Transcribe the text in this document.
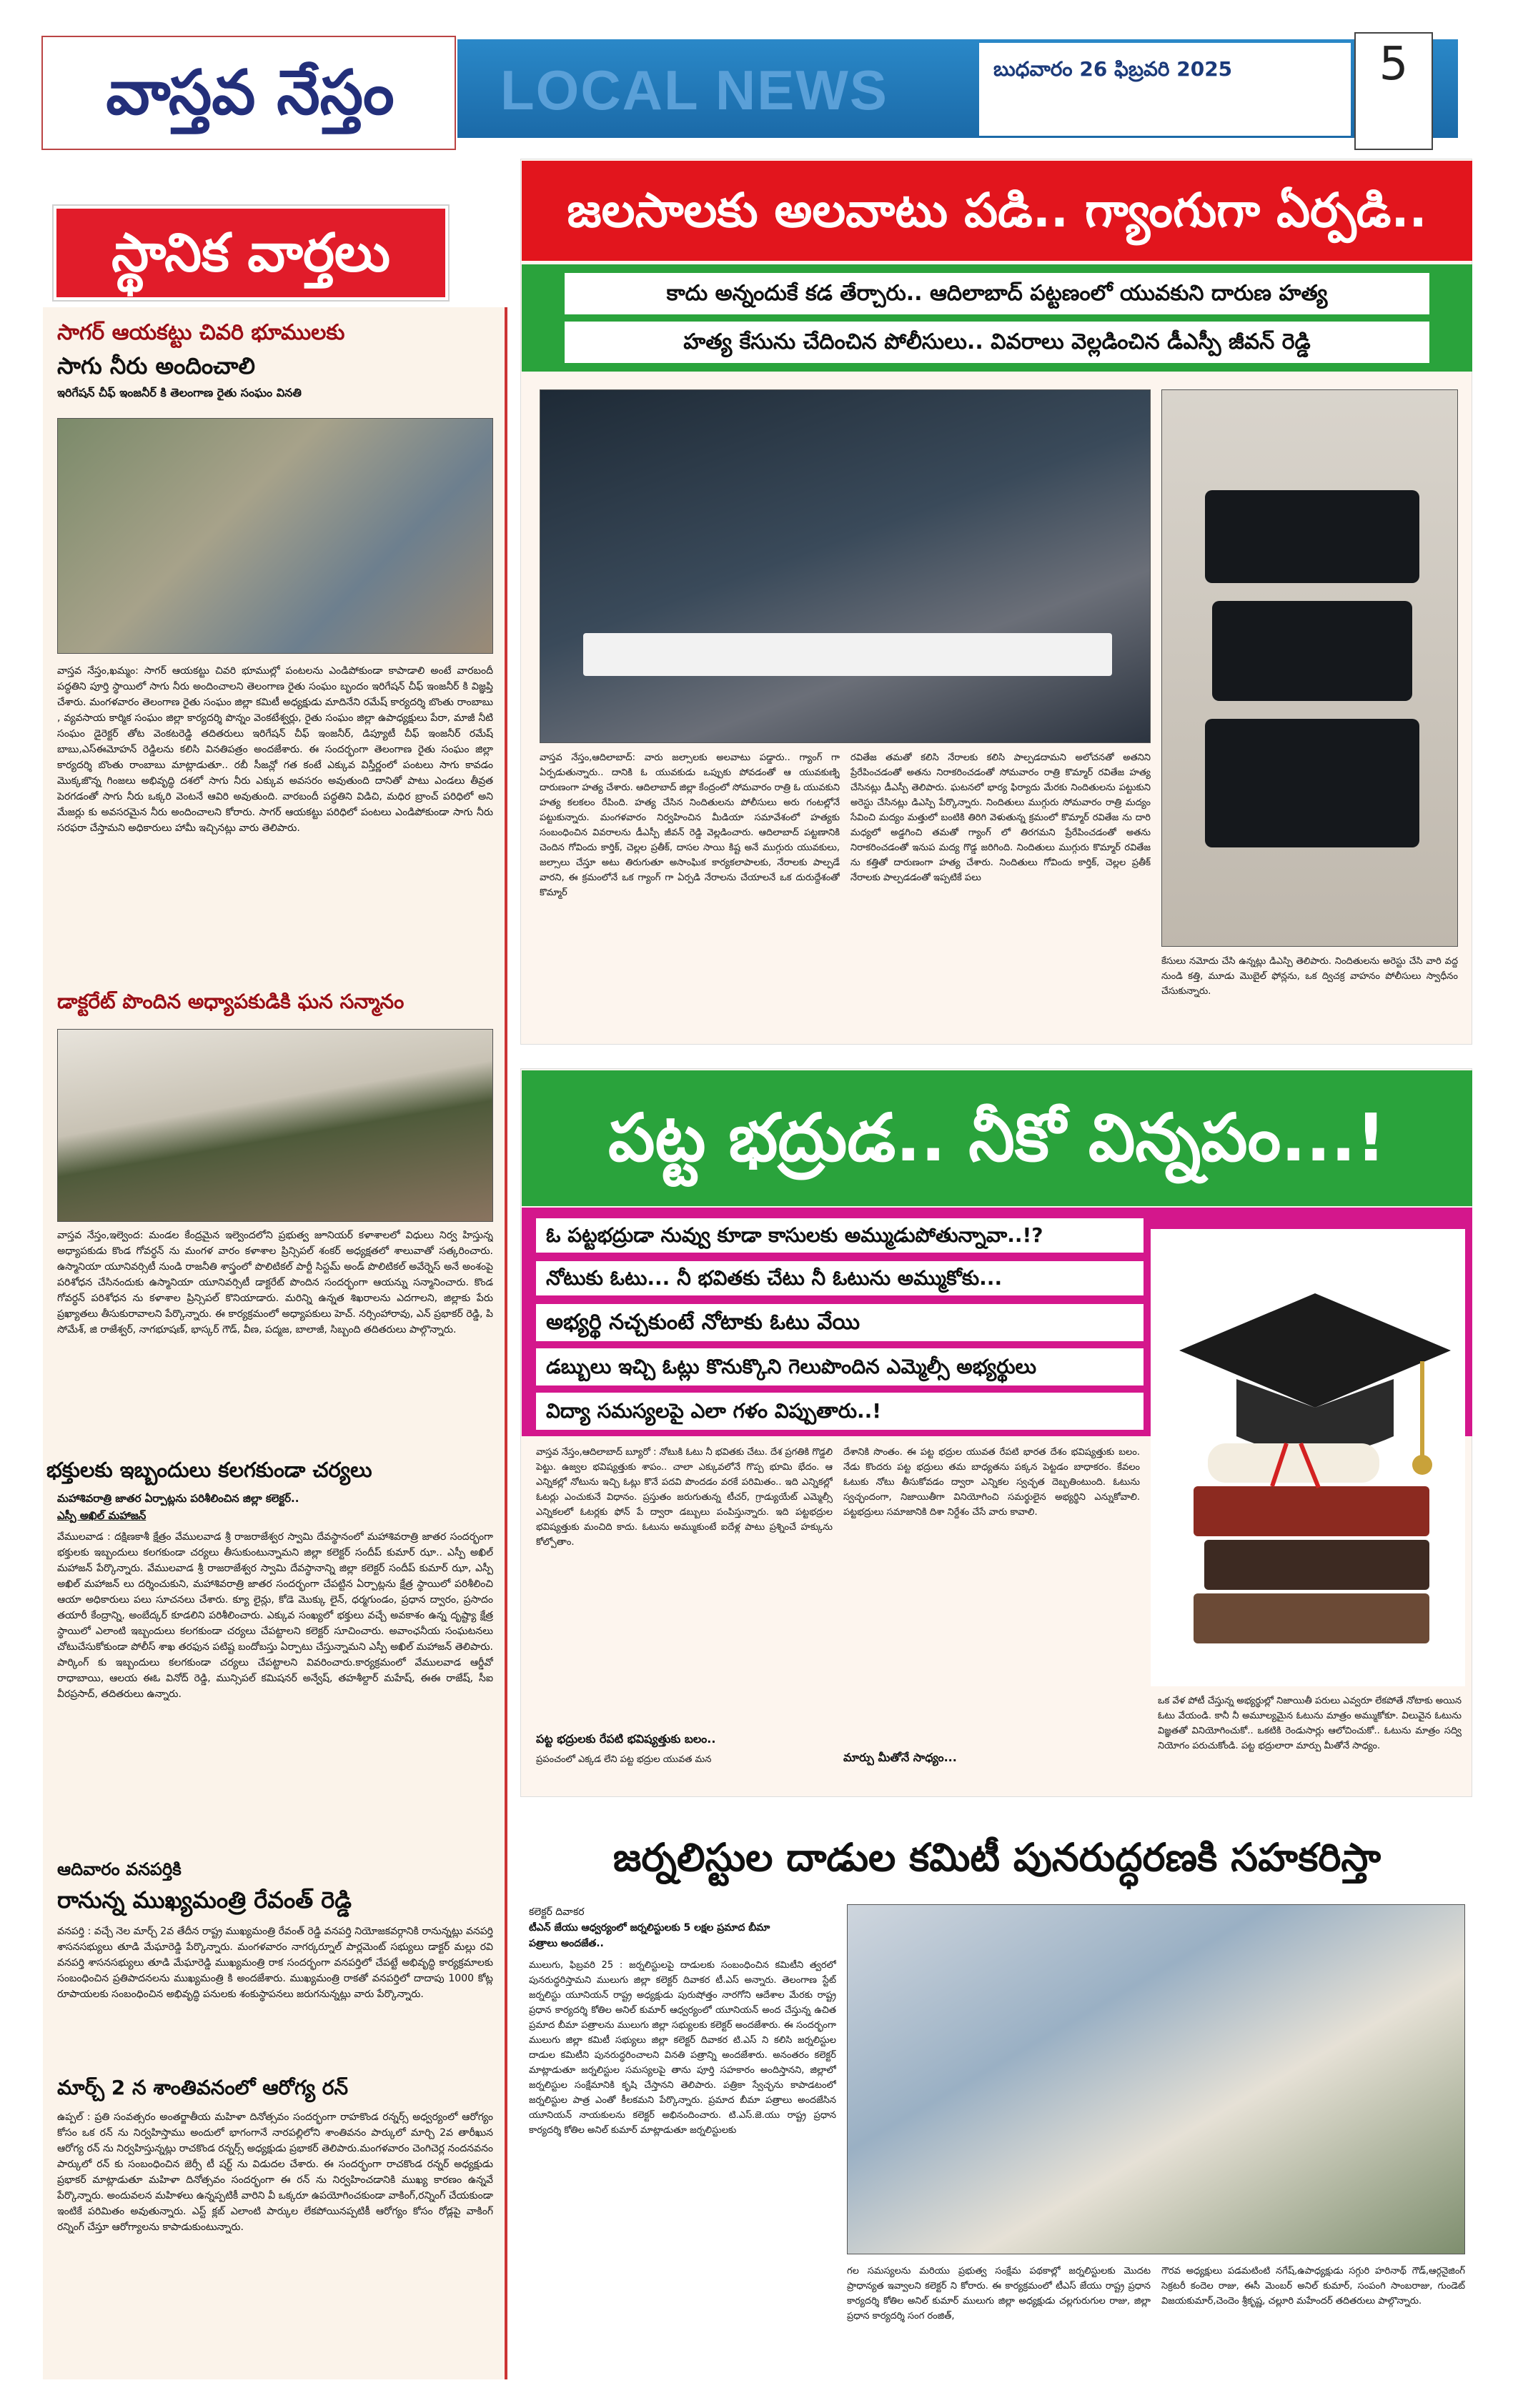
వాస్తవ నేస్తం
స్థానిక వార్తలు
LOCAL NEWS	బుధవారం 26 ఫిబ్రవరి 2025	5
సాగర్ ఆయకట్టు చివరి భూములకు
సాగు నీరు అందించాలి
ఇరిగేషన్ చీఫ్ ఇంజనీర్ కి తెలంగాణ రైతు సంఘం వినతి
వాస్తవ నేస్తం,ఖమ్మం: సాగర్ ఆయకట్టు చివరి భూముల్లో పంటలను ఎండిపోకుండా కాపాడాలి అంటే వారబందీ పద్ధతిని పూర్తి స్థాయిలో సాగు నీరు అందించాలని తెలంగాణ రైతు సంఘం బృందం ఇరిగేషన్ చీఫ్ ఇంజనీర్ కి విజ్ఞప్తి చేశారు. మంగళవారం తెలంగాణ రైతు సంఘం జిల్లా కమిటీ అధ్యక్షుడు మాదినేని రమేష్ కార్యదర్శి బొంతు రాంబాబు , వ్యవసాయ కార్మిక సంఘం జిల్లా కార్యదర్శి పొన్నం వెంకటేశ్వర్లు, రైతు సంఘం జిల్లా ఉపాధ్యక్షులు పేరా, మాజీ నీటి సంఘం డైరెక్టర్ తోట వెంకటరెడ్డి తదితరులు ఇరిగేషన్ చీఫ్ ఇంజనీర్, డిప్యూటీ చీఫ్ ఇంజనీర్ రమేష్ బాబు,ఎస్ఈమోహన్ రెడ్డిలను కలిసి వినతిపత్రం అందజేశారు. ఈ సందర్భంగా తెలంగాణ రైతు సంఘం జిల్లా కార్యదర్శి బొంతు రాంబాబు మాట్లాడుతూ.. రబీ సీజన్లో గత కంటే ఎక్కువ విస్తీర్ణంలో పంటలు సాగు కావడం మొక్కజొన్న గింజలు అభివృద్ధి దశలో సాగు నీరు ఎక్కువ అవసరం అవుతుంది దానితో పాటు ఎండలు తీవ్రత పెరగడంతో సాగు నీరు ఒక్కరి వెంటనే ఆవిరి అవుతుంది. వారబందీ పద్ధతిని విడిచి, మధిర బ్రాంచ్ పరిధిలో అని మేజర్లు కు అవసరమైన నీరు అందించాలని కోరారు. సాగర్ ఆయకట్టు పరిధిలో పంటలు ఎండిపోకుండా సాగు నీరు సరఫరా చేస్తామని అధికారులు హామీ ఇచ్చినట్లు వారు తెలిపారు.
డాక్టరేట్ పొందిన అధ్యాపకుడికి ఘన సన్మానం
వాస్తవ నేస్తం,ఇల్వెంద: మండల కేంద్రమైన ఇల్వెందలోని ప్రభుత్వ జూనియర్ కళాశాలలో విధులు నిర్వ హిస్తున్న అధ్యాపకుడు కొండ గోవర్ధన్ ను మంగళ వారం కళాశాల ప్రిన్సిపల్ శంకర్ అధ్యక్షతలో శాలువాతో సత్కరించారు. ఉస్మానియా యూనివర్సిటీ నుండి రాజనీతి శాస్త్రంలో పొలిటికల్ పార్టీ సిస్టమ్ అండ్ పొలిటికల్ అవేర్నెస్ అనే అంశంపై పరిశోధన చేసినందుకు ఉస్మానియా యూనివర్సిటీ డాక్టరేట్ పొందిన సందర్భంగా ఆయన్ను సన్మానించారు. కొండ గోవర్ధన్ పరిశోధన ను కళాశాల ప్రిన్సిపల్ కొనియాడారు. మరిన్ని ఉన్నత శిఖరాలను ఎదగాలని, జిల్లాకు పేరు ప్రఖ్యాతలు తీసుకురావాలని పేర్కొన్నారు. ఈ కార్యక్రమంలో అధ్యాపకులు హెచ్. నర్సింహారావు, ఎన్ ప్రభాకర్ రెడ్డి, పి సోమేశ్, జి రాజేశ్వర్, నాగభూషణ్, భాస్కర్ గౌడ్, వీణ, పద్మజ, బాలాజీ, సిబ్బంది తదితరులు పాల్గొన్నారు.
భక్తులకు ఇబ్బందులు కలగకుండా చర్యలు
మహాశివరాత్రి జాతర ఏర్పాట్లను పరిశీలించిన జిల్లా కలెక్టర్..
ఎస్పీ అఖిల్ మహాజన్
వేములవాడ : దక్షిణకాశీ క్షేత్రం వేములవాడ శ్రీ రాజరాజేశ్వర స్వామి దేవస్థానంలో మహాశివరాత్రి జాతర సందర్భంగా భక్తులకు ఇబ్బందులు కలగకుండా చర్యలు తీసుకుంటున్నామని జిల్లా కలెక్టర్ సందీప్ కుమార్ ఝా.. ఎస్పీ అఖిల్ మహాజన్ పేర్కొన్నారు. వేములవాడ శ్రీ రాజరాజేశ్వర స్వామి దేవస్థానాన్ని జిల్లా కలెక్టర్ సందీప్ కుమార్ ఝా, ఎస్పీ అఖిల్ మహాజన్ లు దర్శించుకుని, మహాశివరాత్రి జాతర సందర్భంగా చేపట్టిన ఏర్పాట్లను క్షేత్ర స్థాయిలో పరిశీలించి ఆయా అధికారులు పలు సూచనలు చేశారు. క్యూ లైన్లు, కోడె మొక్కు లైన్, ధర్మగుండం, ప్రధాన ద్వారం, ప్రసాదం తయారీ కేంద్రాన్ని, అంబేద్కర్ కూడలిని పరిశీలించారు. ఎక్కువ సంఖ్యలో భక్తులు వచ్చే అవకాశం ఉన్న దృష్ట్యా క్షేత్ర స్థాయిలో ఎలాంటి ఇబ్బందులు కలగకుండా చర్యలు చేపట్టాలని కలెక్టర్ సూచించారు. అవాంఛనీయ సంఘటనలు చోటుచేసుకోకుండా పోలీస్ శాఖ తరఫున పటిష్ట బందోబస్తు ఏర్పాటు చేస్తున్నామని ఎస్పీ అఖిల్ మహాజన్ తెలిపారు. పార్కింగ్ కు ఇబ్బందులు కలగకుండా చర్యలు చేపట్టాలని వివరించారు.కార్యక్రమంలో వేములవాడ ఆర్డీవో రాధాబాయి, ఆలయ ఈఓ వినోద్ రెడ్డి, మున్సిపల్ కమిషనర్ అన్వేష్, తహశీల్దార్ మహేష్, ఈఈ రాజేష్, సీఐ వీరప్రసాద్, తదితరులు ఉన్నారు.
ఆదివారం వనపర్తికి
రానున్న ముఖ్యమంత్రి రేవంత్ రెడ్డి
వనపర్తి : వచ్చే నెల మార్చ్ 2వ తేదీన రాష్ట్ర ముఖ్యమంత్రి రేవంత్ రెడ్డి వనపర్తి నియోజకవర్గానికి రానున్నట్లు వనపర్తి శాసనసభ్యులు తూడి మేఘారెడ్డి పేర్కొన్నారు. మంగళవారం నాగర్కర్నూల్ పార్లమెంట్ సభ్యులు డాక్టర్ మల్లు రవి వనపర్తి శాసనసభ్యులు తూడి మేఘారెడ్డి ముఖ్యమంత్రి రాక సందర్భంగా వనపర్తిలో చేపట్టే అభివృద్ధి కార్యక్రమాలకు సంబంధించిన ప్రతిపాదనలను ముఖ్యమంత్రి కి అందజేశారు. ముఖ్యమంత్రి రాకతో వనపర్తిలో దాదాపు 1000 కోట్ల రూపాయలకు సంబంధించిన అభివృద్ధి పనులకు శంకుస్థాపనలు జరుగనున్నట్లు వారు పేర్కొన్నారు.
మార్చ్ 2 న శాంతివనంలో ఆరోగ్య రన్
ఉప్పల్ : ప్రతి సంవత్సరం అంతర్జాతీయ మహిళా దినోత్సవం సందర్భంగా రాహకొండ రన్నర్స్ అధ్వర్యంలో ఆరోగ్యం కోసం ఒక రన్ ను నిర్వహిస్తాము అందులో భాగంగానే నారపల్లిలోని శాంతివనం పార్కులో మార్చి 2వ తారీఖున ఆరోగ్య రన్ ను నిర్వహిస్తున్నట్లు రాచకొండ రన్నర్స్ అధ్యక్షుడు ప్రభాకర్ తెలిపారు.మంగళవారం చెంగిచెర్ల నందనవనం పార్కులో రన్ కు సంబంధించిన జెర్సీ టీ షర్ట్ ను విడుదల చేశారు. ఈ సందర్భంగా రాచకొండ రన్నర్ అధ్యక్షుడు ప్రభాకర్ మాట్లాడుతూ మహిళా దినోత్సవం సందర్భంగా ఈ రన్ ను నిర్వహించడానికి ముఖ్య కారణం ఉన్నవే పేర్కొన్నారు. అందువలన మహిళలు ఉన్నప్పటికీ వారిని వీ ఒక్కరూ ఉపయోగించకుండా వాకింగ్,రన్నింగ్ చేయకుండా ఇంటికే పరిమితం అవుతున్నారు. ఎస్ట్ క్లబ్ ఎలాంటి పార్కుల లేకపోయినప్పటికీ ఆరోగ్యం కోసం రోడ్లపై వాకింగ్ రన్నింగ్ చేస్తూ ఆరోగ్యాలను కాపాడుకుంటున్నారు.
జలసాలకు అలవాటు పడి.. గ్యాంగుగా ఏర్పడి..
కాదు అన్నందుకే కడ తేర్చారు.. ఆదిలాబాద్ పట్టణంలో యువకుని దారుణ హత్య
హత్య కేసును చేదించిన పోలీసులు.. వివరాలు వెల్లడించిన డీఎస్పీ జీవన్ రెడ్డి
వాస్తవ నేస్తం,ఆదిలాబాద్: వారు జల్సాలకు అలవాటు పడ్డారు.. గ్యాంగ్ గా ఏర్పడుతున్నారు.. దానికి ఓ యువకుడు ఒప్పుకు పోవడంతో ఆ యువకుణ్ని దారుణంగా హత్య చేశారు. ఆదిలాబాద్ జిల్లా కేంద్రంలో సోమవారం రాత్రి ఓ యువకుని హత్య కలకలం రేపింది. హత్య చేసిన నిందితులను పోలీసులు అరు గంటల్లోనే పట్టుకున్నారు. మంగళవారం నిర్వహించిన మీడియా సమావేశంలో హత్యకు సంబంధించిన వివరాలను డీఎస్పీ జీవన్ రెడ్డి వెల్లడించారు. ఆదిలాబాద్ పట్టణానికి చెందిన గోవిందు కార్తిక్, చెల్లల ప్రతీక్, దాసల సాయి కిష్ట అనే ముగ్గురు యువకులు, జల్సాలు చేస్తూ అటు తిరుగుతూ అసాంఘిక కార్యకలాపాలకు, నేరాలకు పాల్పడే వారని, ఈ క్రమంలోనే ఒక గ్యాంగ్ గా ఏర్పడి నేరాలను చేయాలనే ఒక దురుద్దేశంతో కొమ్మార్
రవితేజ తమతో కలిసి నేరాలకు కలిసి పాల్పడదామని అలోచనతో అతనిని ప్రేరేపించడంతో అతను నిరాకరించడంతో సోమవారం రాత్రి కొమ్మార్ రవితేజ హత్య చేసినట్లు డీఎస్పీ తెలిపారు. ఘటనలో భార్య ఫిర్యాదు మేరకు నిందితులను పట్టుకుని అరెస్టు చేసినట్లు డిఎస్పి పేర్కొన్నారు. నిందితులు ముగ్గురు సోమవారం రాత్రి మద్యం సేవించి మద్యం మత్తులో బంటికి తిరిగి వెళుతున్న క్రమంలో కొమ్మార్ రవితేజ ను దారి మధ్యలో అడ్డగించి తమతో గ్యాంగ్ లో తిరగమని ప్రేరేపించడంతో అతను నిరాకరించడంతో ఇనుప మద్య గొడ్డ జరిగింది. నిందితులు ముగ్గురు కొమ్మార్ రవితేజ ను కత్తితో దారుణంగా హత్య చేశారు. నిందితులు గోవిందు కార్తిక్, చెల్లల ప్రతీక్ నేరాలకు పాల్పడడంతో ఇప్పటికే పలు
కేసులు నమోదు చేసి ఉన్నట్లు డిఎస్పి తెలిపారు. నిందితులను అరెస్టు చేసి వారి వద్ద నుండి కత్తి, మూడు మొబైల్ ఫోన్లను, ఒక ద్విచక్ర వాహనం పోలీసులు స్వాధీనం చేసుకున్నారు.
పట్ట భద్రుడ.. నీకో విన్నపం...!
ఓ పట్టభద్రుడా నువ్వు కూడా కాసులకు అమ్ముడుపోతున్నావా..!?
నోటుకు ఓటు... నీ భవితకు చేటు నీ ఓటును అమ్ముకోకు...
అభ్యర్థి నచ్చకుంటే నోటాకు ఓటు వేయి
డబ్బులు ఇచ్చి ఓట్లు కొనుక్కొని గెలుపొందిన ఎమ్మెల్సీ అభ్యర్థులు
విద్యా సమస్యలపై ఎలా గళం విప్పుతారు..!
వాస్తవ నేస్తం,ఆదిలాబాద్ బ్యూరో : నోటుకి ఓటు నీ భవితకు చేటు. దేశ ప్రగతికి గొడ్డలి పెట్టు. ఉజ్వల భవిష్యత్తుకు శాపం.. చాలా ఎక్కువలోనే గొప్ప భూమి భేదం. ఆ ఎన్నికల్లో నోటును ఇచ్చి ఓట్లు కొనే పదవి పొందడం వరకే పరిమితం.. ఇది ఎన్నికల్లో ఓటర్లు ఎంచుకునే విధానం. ప్రస్తుతం జరుగుతున్న టీచర్, గ్రాడ్యుయేట్ ఎమ్మెల్సీ ఎన్నికలలో ఓటర్లకు ఫోన్ పే ద్వారా డబ్బులు పంపిస్తున్నారు. ఇది పట్టభద్రుల భవిష్యత్తుకు మంచిది కాదు. ఓటును అమ్ముకుంటే ఐదేళ్ల పాటు ప్రశ్నించే హక్కును కోల్పోతాం.
పట్ట భద్రులకు రేపటి భవిష్యత్తుకు బలం..
ప్రపంచంలో ఎక్కడ లేని పట్ట భద్రుల యువత మన
దేశానికి సొంతం. ఈ పట్ట భద్రుల యువత రేపటి భారత దేశం భవిష్యత్తుకు బలం. నేడు కొందరు పట్ట భద్రులు తమ బాధ్యతను పక్కన పెట్టడం బాధాకరం. కేవలం ఓటుకు నోటు తీసుకోవడం ద్వారా ఎన్నికల స్వచ్ఛత దెబ్బతింటుంది. ఓటును స్వచ్ఛందంగా, నిజాయితీగా వినియోగించి సమర్థులైన అభ్యర్థిని ఎన్నుకోవాలి. పట్టభద్రులు సమాజానికి దిశా నిర్దేశం చేసే వారు కావాలి.
మార్పు మీతోనే సాధ్యం...
ఒక వేళ పోటీ చేస్తున్న అభ్యర్థుల్లో నిజాయితీ పరులు ఎవ్వరూ లేకపోతే నోటాకు అయిన ఓటు వేయండి. కానీ నీ అమూల్యమైన ఓటును మాత్రం అమ్ముకోకూ. విలువైన ఓటును విజ్ఞతతో వినియోగించుకో.. ఒకటికి రెండుసార్లు ఆలోచించుకో.. ఓటును మాత్రం సద్వి నియోగం పరుచుకోండి. పట్ట భద్రులారా మార్పు మీతోనే సాధ్యం.
జర్నలిస్టుల దాడుల కమిటీ పునరుద్ధరణకి సహకరిస్తా
కలెక్టర్ దివాకర
టీఎన్ జేయు ఆధ్వర్యంలో జర్నలిస్టులకు 5 లక్షల ప్రమాద బీమా
పత్రాలు అందజేత..
ములుగు, ఫిబ్రవరి 25 : జర్నలిస్టులపై దాడులకు సంబంధించిన కమిటీని త్వరలో పునరుద్ధరిస్తామని ములుగు జిల్లా కలెక్టర్ దివాకర టీ.ఎస్ అన్నారు. తెలంగాణ స్టేట్ జర్నలిస్టు యూనియన్ రాష్ట్ర అధ్యక్షుడు పురుషోత్తం నారగోని ఆదేశాల మేరకు రాష్ట్ర ప్రధాన కార్యదర్శి కోతిల అనిల్ కుమార్ ఆధ్వర్యంలో యూనియన్ అంద చేస్తున్న ఉచిత ప్రమాద బీమా పత్రాలను ములుగు జిల్లా సభ్యులకు కలెక్టర్ అందజేశారు. ఈ సందర్భంగా ములుగు జిల్లా కమిటీ సభ్యులు జిల్లా కలెక్టర్ దివాకర టి.ఎస్ ని కలిసి జర్నలిస్టుల దాడుల కమిటీని పునరుద్ధరించాలని వినతి పత్రాన్ని అందజేశారు. అనంతరం కలెక్టర్ మాట్లాడుతూ జర్నలిస్టుల సమస్యలపై తాను పూర్తి సహకారం అందిస్తానని, జిల్లాలో జర్నలిస్టుల సంక్షేమానికి కృషి చేస్తానని తెలిపారు. పత్రికా స్వేచ్ఛను కాపాడటంలో జర్నలిస్టుల పాత్ర ఎంతో కీలకమని పేర్కొన్నారు. ప్రమాద బీమా పత్రాలు అందజేసిన యూనియన్ నాయకులను కలెక్టర్ అభినందించారు. టి.ఎస్.జె.యు రాష్ట్ర ప్రధాన కార్యదర్శి కోతిల అనిల్ కుమార్ మాట్లాడుతూ జర్నలిస్టులకు
గల సమస్యలను మరియు ప్రభుత్వ సంక్షేమ పథకాల్లో జర్నలిస్టులకు మొదట ప్రాధాన్యత ఇవ్వాలని కలెక్టర్ ని కోరారు. ఈ కార్యక్రమంలో టీఎస్ జేయు రాష్ట్ర ప్రధాన కార్యదర్శి కోతిల అనిల్ కుమార్ ములుగు జిల్లా అధ్యక్షుడు చల్లగురుగుల రాజు, జిల్లా ప్రధాన కార్యదర్శి సంగ రంజిత్,
గౌరవ అధ్యక్షులు పడమటింటి నగేష్,ఉపాధ్యక్షుడు సగ్గురి హరినాథ్ గౌడ్,ఆర్గనైజింగ్ సెక్రటరీ కందెల రాజు, ఈసీ మెంబర్ అనిల్ కుమార్, సంపంగి సాంబరాజు, గుండెట్ విజయకుమార్,చెందెం శ్రీకృష్ణ, చల్లూరి మహేందర్ తదితరులు పాల్గొన్నారు.
